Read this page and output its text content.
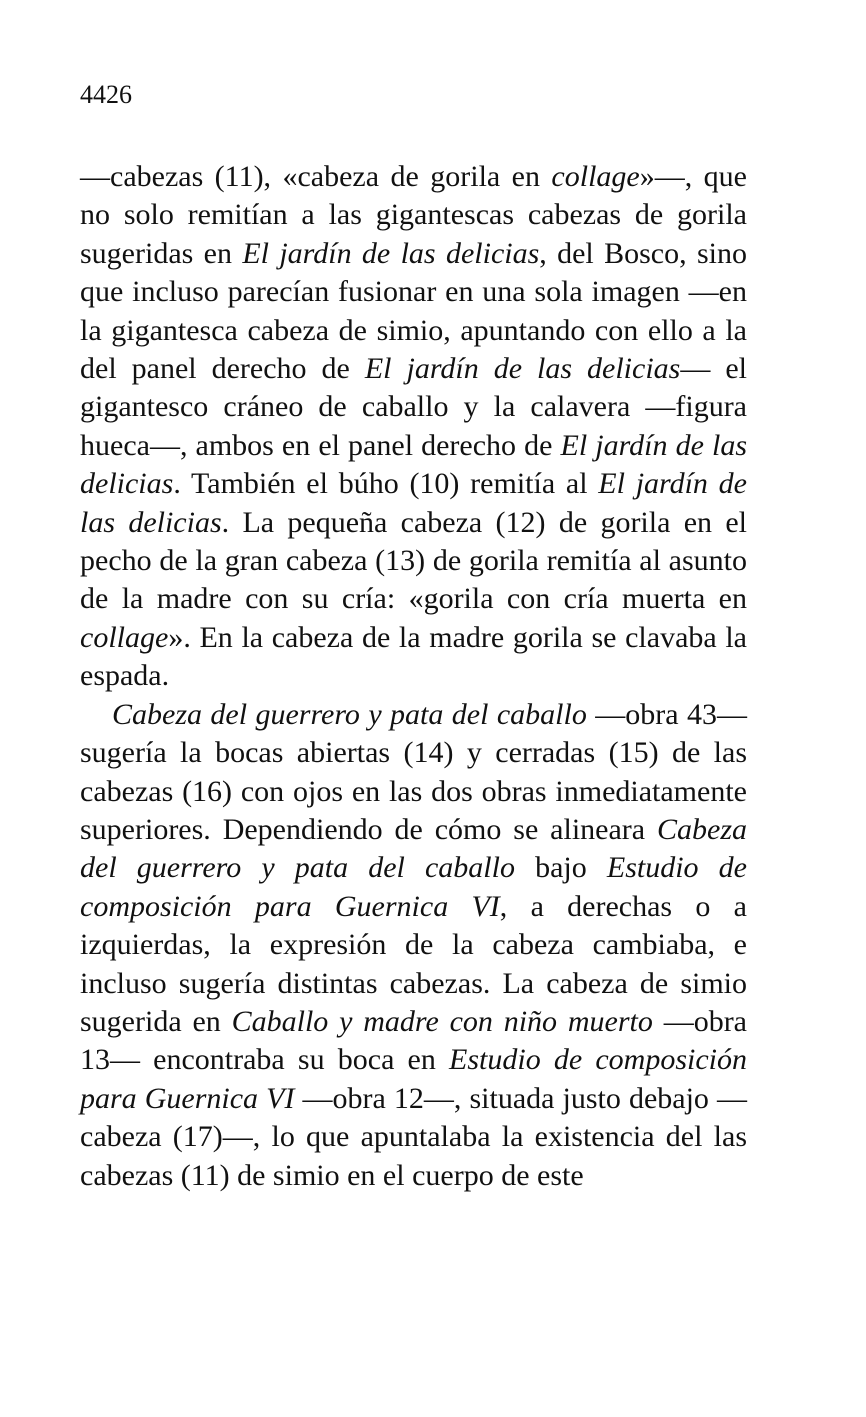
4426

—cabezas (11), «cabeza de gorila en collage»—, que no solo remitían a las gigantescas cabezas de gorila sugeridas en El jardín de las delicias, del Bosco, sino que incluso parecían fusionar en una sola imagen —en la gigantesca cabeza de simio, apuntando con ello a la del panel derecho de El jardín de las delicias— el gigantesco cráneo de caballo y la calavera —figura hueca—, ambos en el panel derecho de El jardín de las delicias. También el búho (10) remitía al El jardín de las delicias. La pequeña cabeza (12) de gorila en el pecho de la gran cabeza (13) de gorila remitía al asunto de la madre con su cría: «gorila con cría muerta en collage». En la cabeza de la madre gorila se clavaba la espada.

Cabeza del guerrero y pata del caballo —obra 43— sugería la bocas abiertas (14) y cerradas (15) de las cabezas (16) con ojos en las dos obras inmediatamente superiores. Dependiendo de cómo se alineara Cabeza del guerrero y pata del caballo bajo Estudio de composición para Guernica VI, a derechas o a izquierdas, la expresión de la cabeza cambiaba, e incluso sugería distintas cabezas. La cabeza de simio sugerida en Caballo y madre con niño muerto —obra 13— encontraba su boca en Estudio de composición para Guernica VI —obra 12—, situada justo debajo —cabeza (17)—, lo que apuntalaba la existencia del las cabezas (11) de simio en el cuerpo de este
